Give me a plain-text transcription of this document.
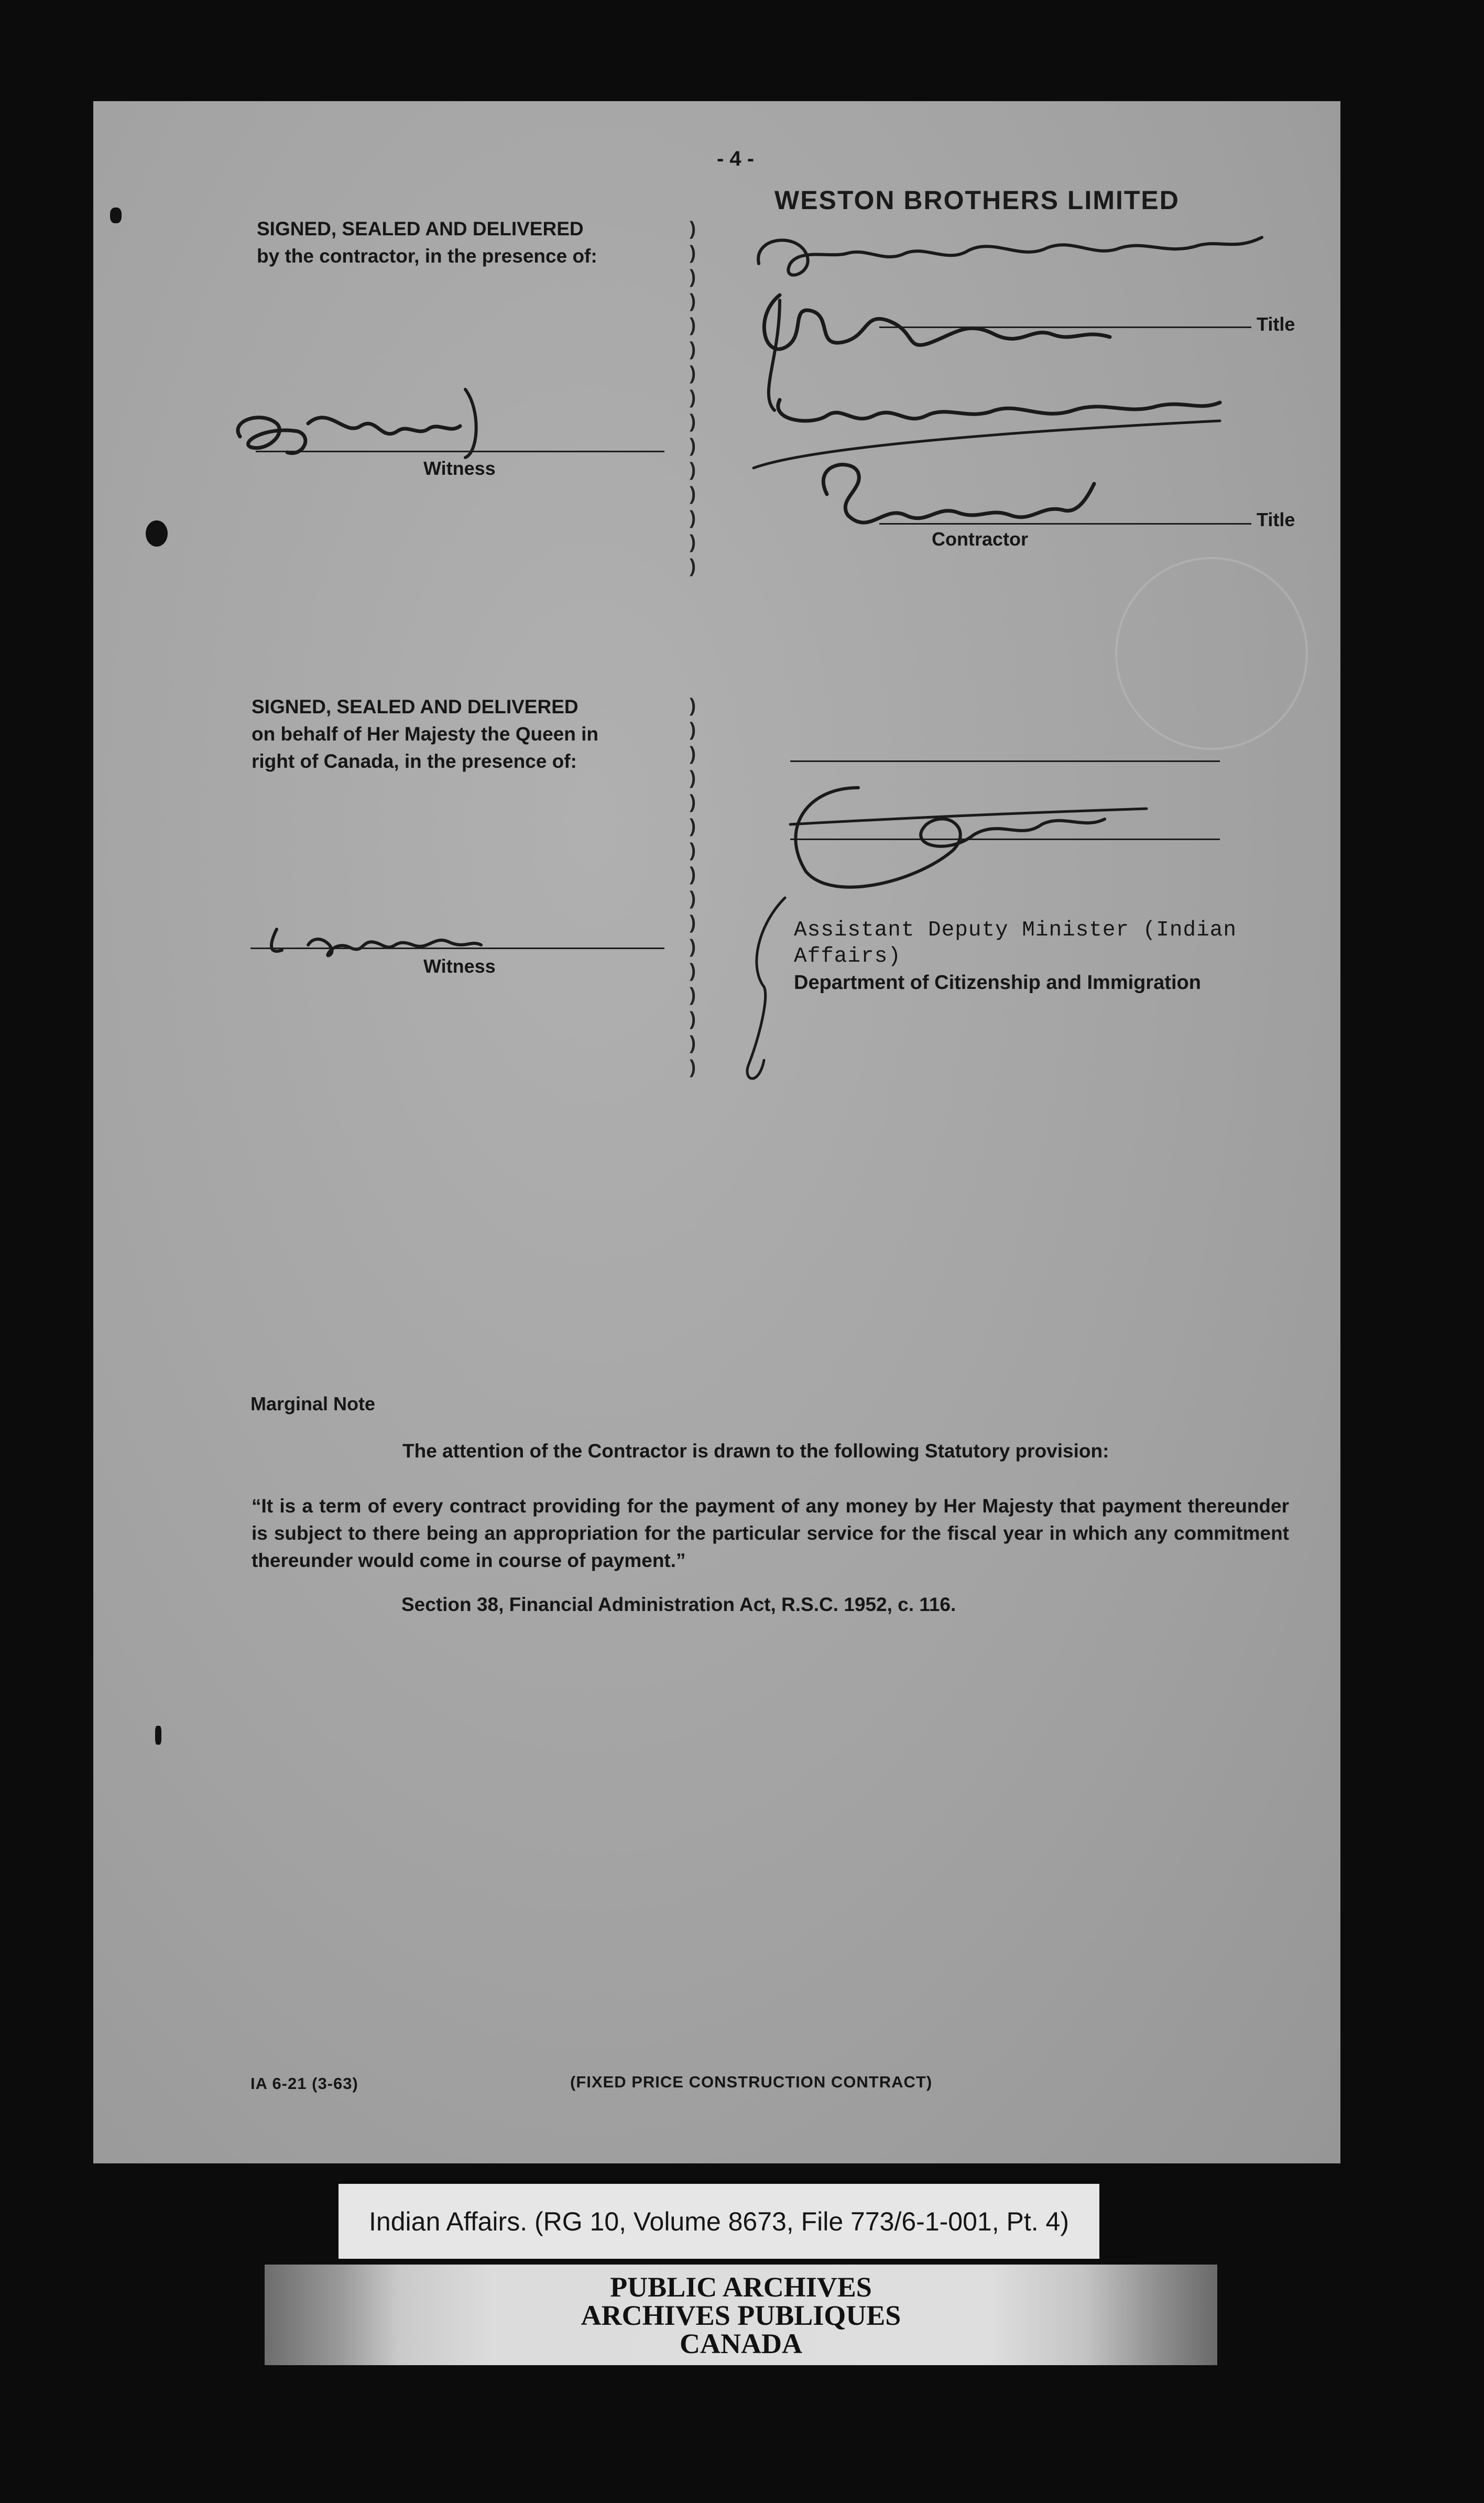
- 4 -
WESTON BROTHERS LIMITED
SIGNED, SEALED AND DELIVERED
by the contractor, in the presence of:
)
)
)
)
)
)
)
)
)
)
)
)
)
)
)
Witness
Title
Title
Contractor
SIGNED, SEALED AND DELIVERED
on behalf of Her Majesty the Queen in
right of Canada, in the presence of:
)
)
)
)
)
)
)
)
)
)
)
)
)
)
)
)
Witness
Assistant Deputy Minister (Indian Affairs)
Department of Citizenship and Immigration
Marginal Note
The attention of the Contractor is drawn to the following Statutory provision:
“It is a term of every contract providing for the payment of any money by Her Majesty that payment thereunder is subject to there being an appropriation for the particular service for the fiscal year in which any commitment thereunder would come in course of payment.”
Section 38, Financial Administration Act, R.S.C. 1952, c. 116.
IA 6-21 (3-63)	(FIXED PRICE CONSTRUCTION CONTRACT)
Indian Affairs. (RG 10, Volume 8673, File 773/6-1-001, Pt. 4)
PUBLIC ARCHIVES
ARCHIVES PUBLIQUES
CANADA
